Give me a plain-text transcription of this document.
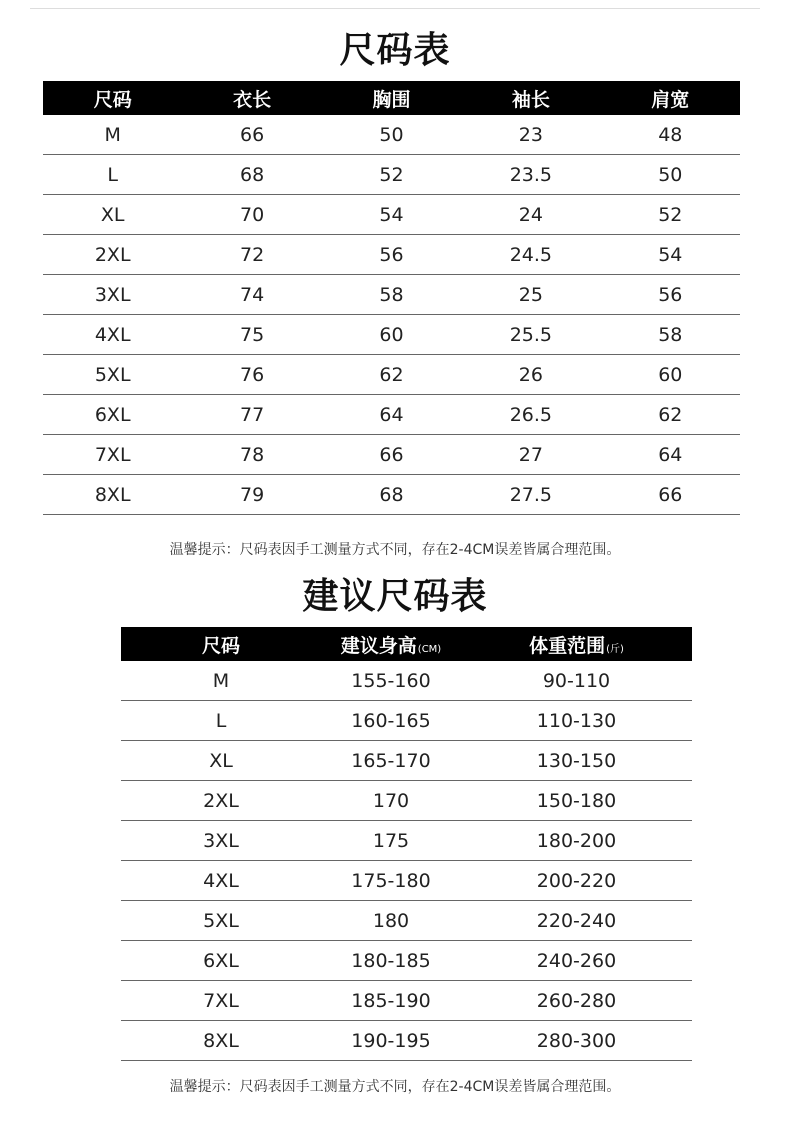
尺码表
尺码	衣长	胸围	袖长	肩宽
M	66	50	23	48
L	68	52	23.5	50
XL	70	54	24	52
2XL	72	56	24.5	54
3XL	74	58	25	56
4XL	75	60	25.5	58
5XL	76	62	26	60
6XL	77	64	26.5	62
7XL	78	66	27	64
8XL	79	68	27.5	66
温馨提示：尺码表因手工测量方式不同，存在2-4CM误差皆属合理范围。
建议尺码表
尺码	建议身高(CM)	体重范围(斤)
M	155-160	90-110
L	160-165	110-130
XL	165-170	130-150
2XL	170	150-180
3XL	175	180-200
4XL	175-180	200-220
5XL	180	220-240
6XL	180-185	240-260
7XL	185-190	260-280
8XL	190-195	280-300
温馨提示：尺码表因手工测量方式不同，存在2-4CM误差皆属合理范围。
